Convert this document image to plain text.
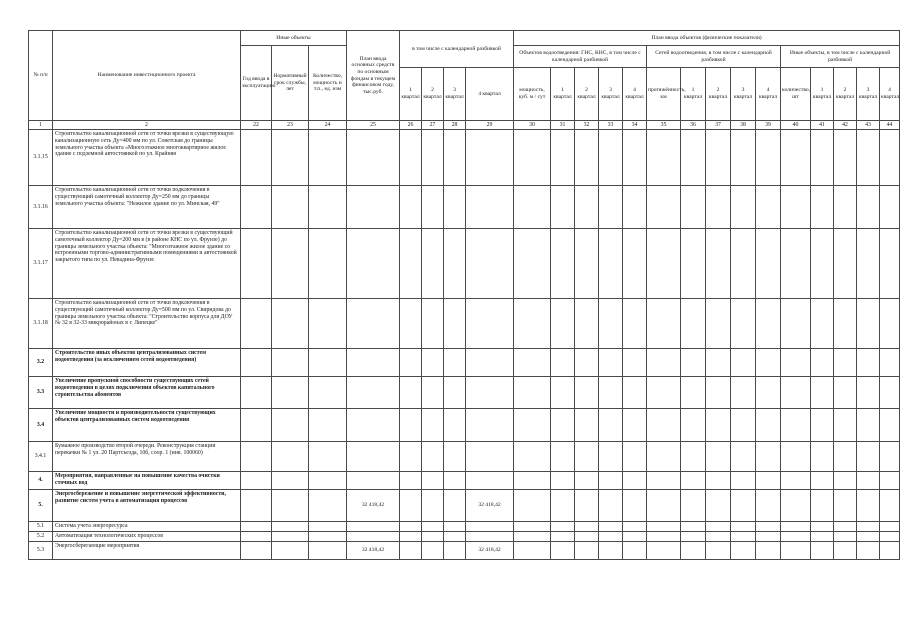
№ п/п	Наименование инвестиционного проекта	Иные объекты			План ввода основных средств по основным фондам в текущем финансовом году, тыс.руб.	в том числе с календарной разбивкой				План ввода объектов (физические показатели)														
		Год ввода в эксплуатацию	Нормативный срок службы, лет	Количество, мощность и т.п., ед. изм						Объектов водоотведения: ГНС, КНС, в том числе с календарной разбивкой					Сетей водоотведения, в том числе с календарной разбивкой					Иные объекты, в том числе с календарной разбивкой				
						1 квартал	2 квартал	3 квартал	4 квартал	мощность, куб. м / сут	1 квартал	2 квартал	3 квартал	4 квартал	протяжённость, км	1 квартал	2 квартал	3 квартал	4 квартал	количество, шт	1 квартал	2 квартал	3 квартал	4 квартал
1	2	22	23	24	25	26	27	28	29	30	31	32	33	34	35	36	37	38	39	40	41	42	43	44
3.1.15	Строительство канализационной сети от точки врезки в существующую канализационную сеть Ду=400 мм по ул. Советская до границы земельного участка объекта «Многоэтажное многоквартирное жилое здание с подземной автостоянкой по ул. Крайняя																							
3.1.16	Строительство канализационной сети от точки подключения в существующий самотечный коллектор Ду=250 мм до границы земельного участка объекта: "Нежилое здание по ул. Минская, 49"																							
3.1.17	Строительство канализационной сети от точки врезки в существующий самотечный коллектор Ду=200 мм в (в районе КНС по ул. Фрунзе) до границы земельного участка объекта: "Многоэтажное жилое здание со встроенными торгово-административными помещениями и автостоянкой закрытого типа по ул. Невадина-Фрунзе																							
3.1.18	Строительство канализационной сети от точки подключения в существующий самотечный коллектор Ду=500 мм по ул. Свиридова до границы земельного участка объекта: "Строительство корпуса для ДОУ № 32 в 32-33 микрорайонах в г. Липецке"																							
3.2	Строительство иных объектов централизованных систем водоотведения (за исключением сетей водоотведения)																							
3.3	Увеличение пропускной способности существующих сетей водоотведения в целях подключения объектов капитального строительства абонентов																							
3.4	Увеличение мощности и производительности существующих объектов централизованных систем водоотведения																							
3.4.1	Бумажное производство второй очереди. Реконструкция станции перекачки № 1 ул. 20 Партсъезда, 10б, соор. 1 (инв. 100060)																							
4.	Мероприятия, направленные на повышение качества очистки сточных вод																							
5.	Энергосбережение и повышение энергетической эффективности, развитие систем учета в автоматизация процессов				32 418,42				32 418,42															
5.1	Система учета энергоресурса																							
5.2	Автоматизация технологических процессов																							
5.3	Энергосберегающие мероприятия				32 418,42				32 418,42															
